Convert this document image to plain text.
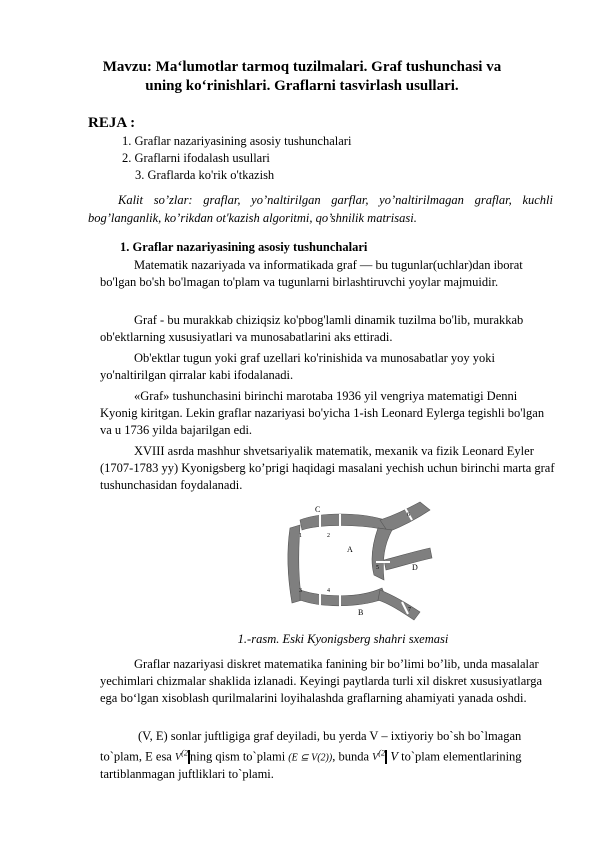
Mavzu: Maʻlumotlar tarmoq tuzilmalari. Graf tushunchasi va uning koʻrinishlari. Graflarni tasvirlash usullari.
REJA :
1. Graflar nazariyasining asosiy tushunchalari
2. Graflarni ifodalash usullari
3. Graflarda ko'rik o'tkazish
Kalit so’zlar: graflar, yo’naltirilgan garflar, yo’naltirilmagan graflar, kuchli bog’langanlik, ko’rikdan ot'kazish algoritmi, qo’shnilik matrisasi.
1. Graflar nazariyasining asosiy tushunchalari
Matematik nazariyada va informatikada graf — bu tugunlar(uchlar)dan iborat bo'lgan bo'sh bo'lmagan to'plam va tugunlarni birlashtiruvchi yoylar majmuidir.
Graf - bu murakkab chiziqsiz ko'pbog'lamli dinamik tuzilma bo'lib, murakkab ob'ektlarning xususiyatlari va munosabatlarini aks ettiradi.
Ob'ektlar tugun yoki graf uzellari ko'rinishida va munosabatlar yoy yoki yo'naltirilgan qirralar kabi ifodalanadi.
«Graf» tushunchasini birinchi marotaba 1936 yil vengriya matematigi Denni Kyonig kiritgan. Lekin graflar nazariyasi bo'yicha 1-ish Leonard Eylerga tegishli bo'lgan va u 1736 yilda bajarilgan edi.
XVIII asrda mashhur shvetsariyalik matematik, mexanik va fizik Leonard Eyler (1707-1783 yy) Kyonigsberg ko’prigi haqidagi masalani yechish uchun birinchi marta graf tushunchasidan foydalanadi.
C
A
D
B
1	2
3	4
5
6
7
1.-rasm. Eski Kyonigsberg shahri sxemasi
Graflar nazariyasi diskret matematika fanining bir bo’limi bo’lib, unda masalalar yechimlari chizmalar shaklida izlanadi. Keyingi paytlarda turli xil diskret xususiyatlarga ega boʻlgan xisoblash qurilmalarini loyihalashda graflarning ahamiyati yanada oshdi.
(V, E) sonlar juftligiga graf deyiladi, bu yerda V – ixtiyoriy bo`sh bo`lmagan to`plam, E esa $V^{(2}$ ning qism to`plami (E ⊆ V(2)), bunda $V^{(2}$ V to`plam elementlarining tartiblanmagan juftliklari to`plami.
